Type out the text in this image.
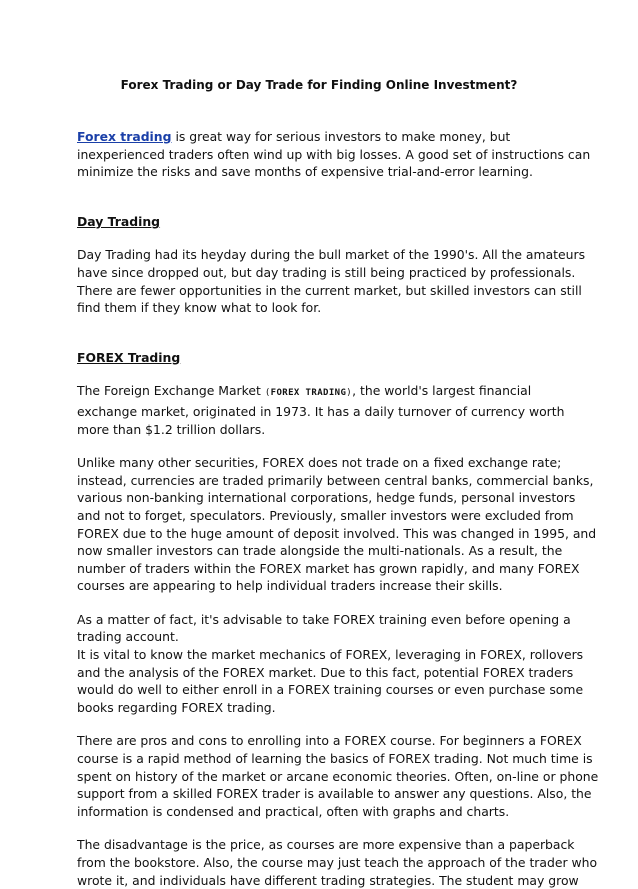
Forex Trading or Day Trade for Finding Online Investment?

Forex trading is great way for serious investors to make money, but

inexperienced traders often wind up with big losses. A good set of instructions can

minimize the risks and save months of expensive trial-and-error learning.

Day Trading

Day Trading had its heyday during the bull market of the 1990's. All the amateurs

have since dropped out, but day trading is still being practiced by professionals.

There are fewer opportunities in the current market, but skilled investors can still

find them if they know what to look for.

FOREX Trading

The Foreign Exchange Market (FOREX TRADING), the world's largest financial

exchange market, originated in 1973. It has a daily turnover of currency worth

more than $1.2 trillion dollars.

Unlike many other securities, FOREX does not trade on a fixed exchange rate;

instead, currencies are traded primarily between central banks, commercial banks,

various non-banking international corporations, hedge funds, personal investors

and not to forget, speculators. Previously, smaller investors were excluded from

FOREX due to the huge amount of deposit involved. This was changed in 1995, and

now smaller investors can trade alongside the multi-nationals. As a result, the

number of traders within the FOREX market has grown rapidly, and many FOREX

courses are appearing to help individual traders increase their skills.

As a matter of fact, it's advisable to take FOREX training even before opening a

trading account.

It is vital to know the market mechanics of FOREX, leveraging in FOREX, rollovers

and the analysis of the FOREX market. Due to this fact, potential FOREX traders

would do well to either enroll in a FOREX training courses or even purchase some

books regarding FOREX trading.

There are pros and cons to enrolling into a FOREX course. For beginners a FOREX

course is a rapid method of learning the basics of FOREX trading. Not much time is

spent on history of the market or arcane economic theories. Often, on-line or phone

support from a skilled FOREX trader is available to answer any questions. Also, the

information is condensed and practical, often with graphs and charts.

The disadvantage is the price, as courses are more expensive than a paperback

from the bookstore. Also, the course may just teach the approach of the trader who

wrote it, and individuals have different trading strategies. The student may grow
